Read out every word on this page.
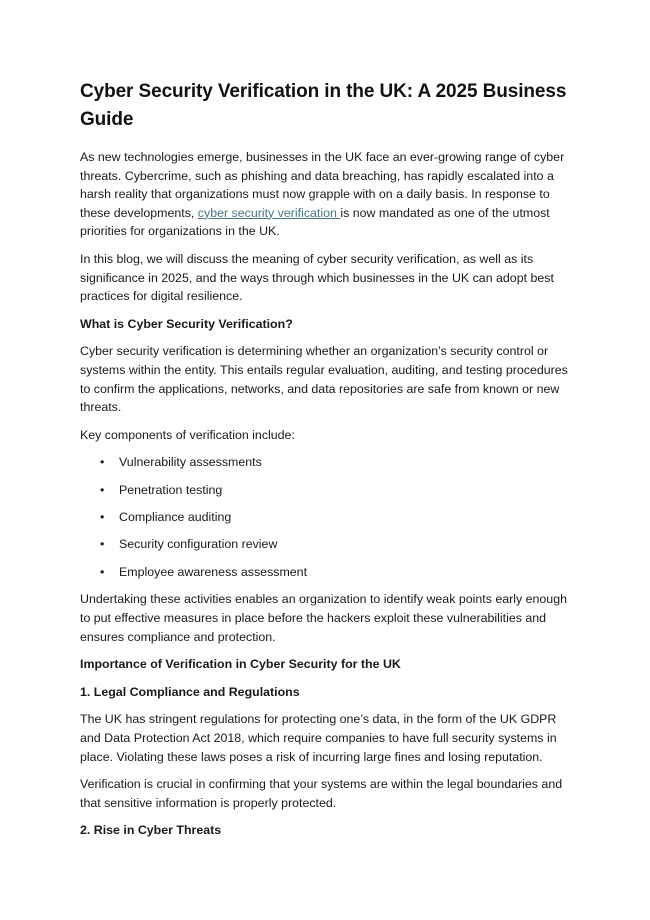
Cyber Security Verification in the UK: A 2025 Business Guide

As new technologies emerge, businesses in the UK face an ever-growing range of cyber threats. Cybercrime, such as phishing and data breaching, has rapidly escalated into a harsh reality that organizations must now grapple with on a daily basis. In response to these developments, cyber security verification is now mandated as one of the utmost priorities for organizations in the UK.

In this blog, we will discuss the meaning of cyber security verification, as well as its significance in 2025, and the ways through which businesses in the UK can adopt best practices for digital resilience.

What is Cyber Security Verification?

Cyber security verification is determining whether an organization’s security control or systems within the entity. This entails regular evaluation, auditing, and testing procedures to confirm the applications, networks, and data repositories are safe from known or new threats.

Key components of verification include:

• Vulnerability assessments
• Penetration testing
• Compliance auditing
• Security configuration review
• Employee awareness assessment

Undertaking these activities enables an organization to identify weak points early enough to put effective measures in place before the hackers exploit these vulnerabilities and ensures compliance and protection.

Importance of Verification in Cyber Security for the UK

1. Legal Compliance and Regulations

The UK has stringent regulations for protecting one’s data, in the form of the UK GDPR and Data Protection Act 2018, which require companies to have full security systems in place. Violating these laws poses a risk of incurring large fines and losing reputation.

Verification is crucial in confirming that your systems are within the legal boundaries and that sensitive information is properly protected.

2. Rise in Cyber Threats
